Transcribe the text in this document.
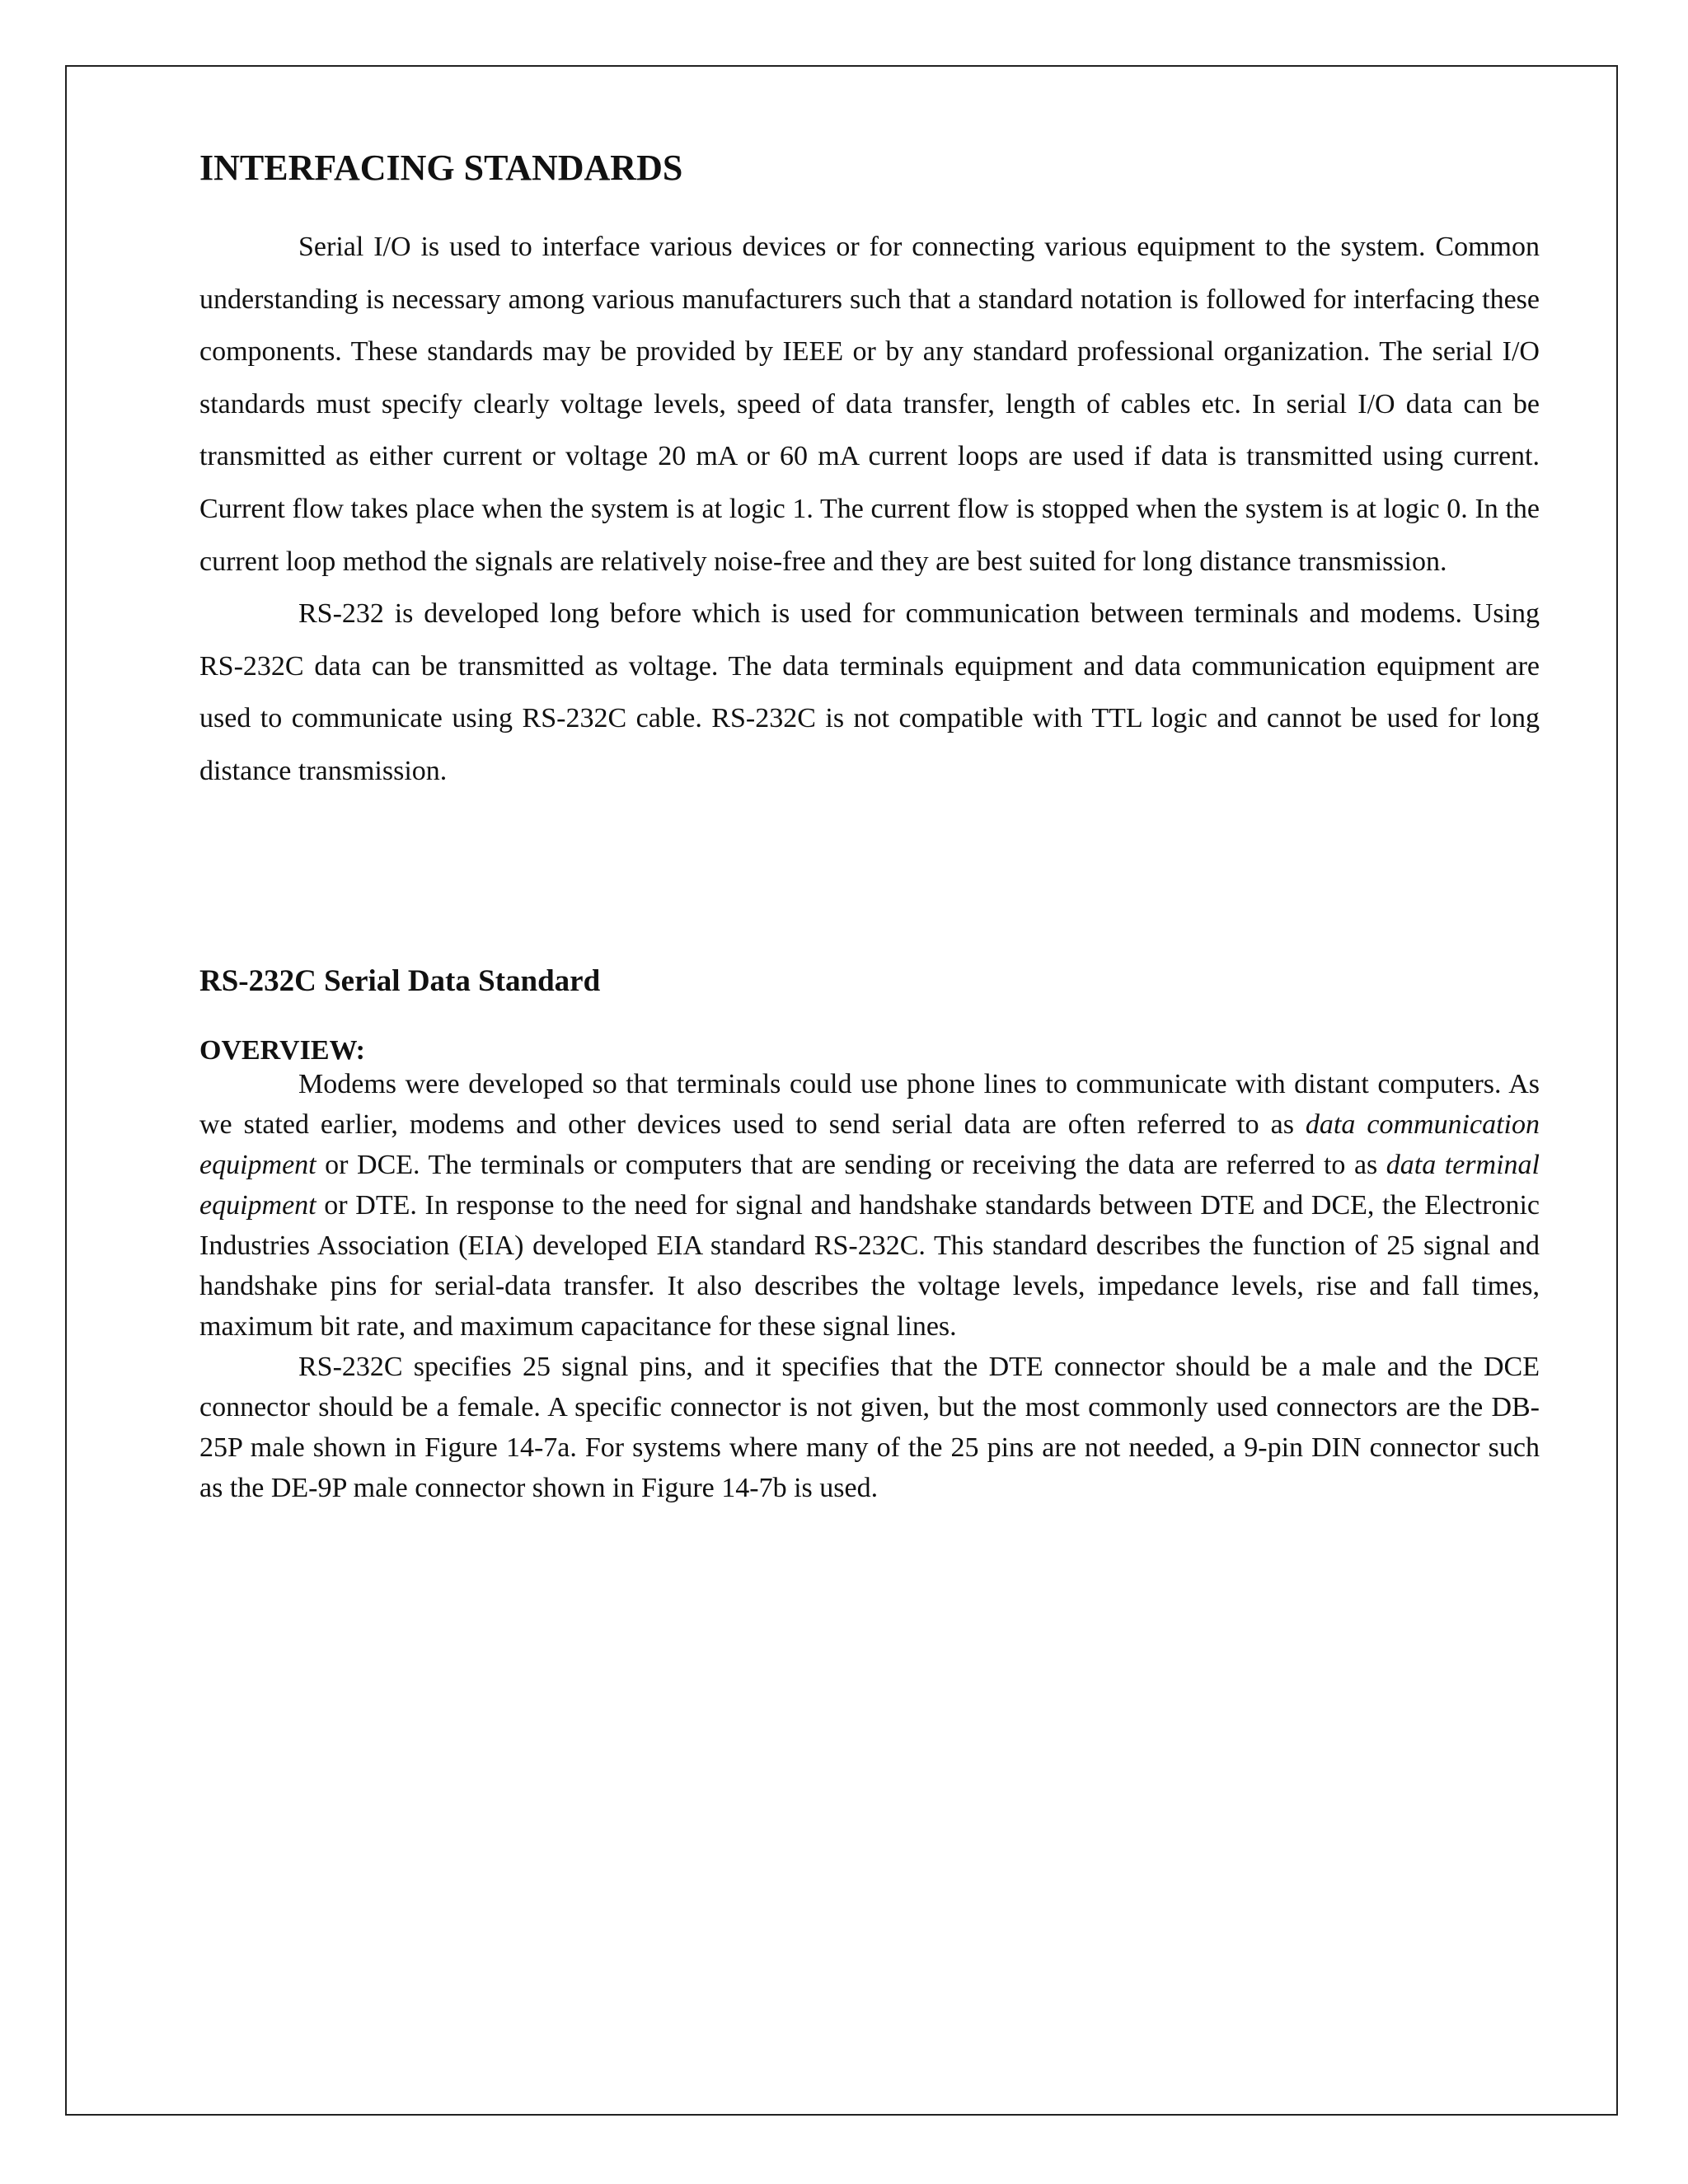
INTERFACING STANDARDS

Serial I/O is used to interface various devices or for connecting various equipment to the system. Common understanding is necessary among various manufacturers such that a standard notation is followed for interfacing these components. These standards may be provided by IEEE or by any standard professional organization. The serial I/O standards must specify clearly voltage levels, speed of data transfer, length of cables etc. In serial I/O data can be transmitted as either current or voltage 20 mA or 60 mA current loops are used if data is transmitted using current. Current flow takes place when the system is at logic 1. The current flow is stopped when the system is at logic 0. In the current loop method the signals are relatively noise-free and they are best suited for long distance transmission.

RS-232 is developed long before which is used for communication between terminals and modems. Using RS-232C data can be transmitted as voltage. The data terminals equipment and data communication equipment are used to communicate using RS-232C cable. RS-232C is not compatible with TTL logic and cannot be used for long distance transmission.

RS-232C Serial Data Standard
OVERVIEW:

Modems were developed so that terminals could use phone lines to communicate with distant computers. As we stated earlier, modems and other devices used to send serial data are often referred to as data communication equipment or DCE. The terminals or computers that are sending or receiving the data are referred to as data terminal equipment or DTE. In response to the need for signal and handshake standards between DTE and DCE, the Electronic Industries Association (EIA) developed EIA standard RS-232C. This standard describes the function of 25 signal and handshake pins for serial-data transfer. It also describes the voltage levels, impedance levels, rise and fall times, maximum bit rate, and maximum capacitance for these signal lines.

RS-232C specifies 25 signal pins, and it specifies that the DTE connector should be a male and the DCE connector should be a female. A specific connector is not given, but the most commonly used connectors are the DB-25P male shown in Figure 14-7a. For systems where many of the 25 pins are not needed, a 9-pin DIN connector such as the DE-9P male connector shown in Figure 14-7b is used.
